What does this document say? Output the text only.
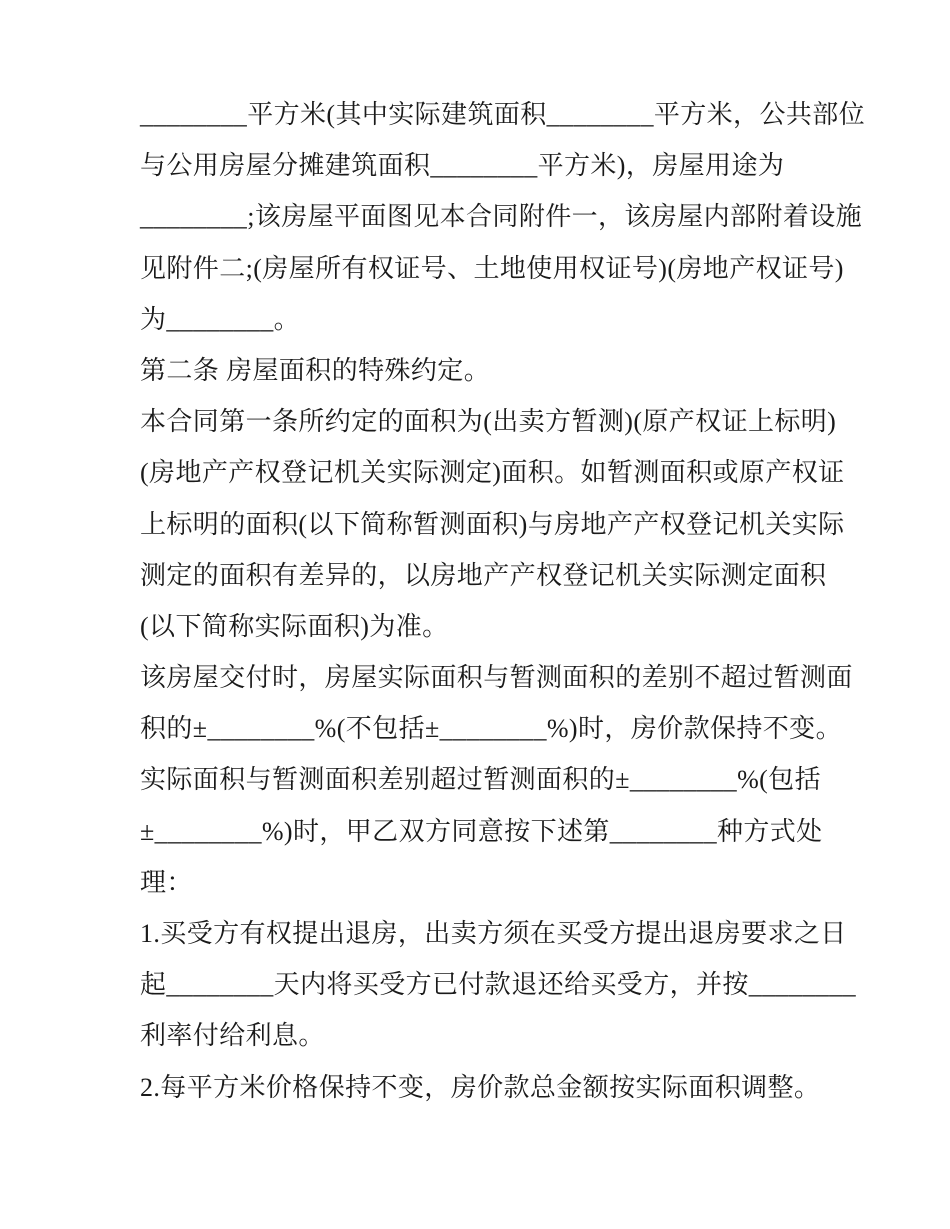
________平方米(其中实际建筑面积________平方米，公共部位
与公用房屋分摊建筑面积________平方米)，房屋用途为
________;该房屋平面图见本合同附件一，该房屋内部附着设施
见附件二;(房屋所有权证号、土地使用权证号)(房地产权证号)
为________。
第二条 房屋面积的特殊约定。
本合同第一条所约定的面积为(出卖方暂测)(原产权证上标明)
(房地产产权登记机关实际测定)面积。如暂测面积或原产权证
上标明的面积(以下简称暂测面积)与房地产产权登记机关实际
测定的面积有差异的，以房地产产权登记机关实际测定面积
(以下简称实际面积)为准。
该房屋交付时，房屋实际面积与暂测面积的差别不超过暂测面
积的±________%(不包括±________%)时，房价款保持不变。
实际面积与暂测面积差别超过暂测面积的±________%(包括
±________%)时，甲乙双方同意按下述第________种方式处
理：
1.买受方有权提出退房，出卖方须在买受方提出退房要求之日
起________天内将买受方已付款退还给买受方，并按________
利率付给利息。
2.每平方米价格保持不变，房价款总金额按实际面积调整。
